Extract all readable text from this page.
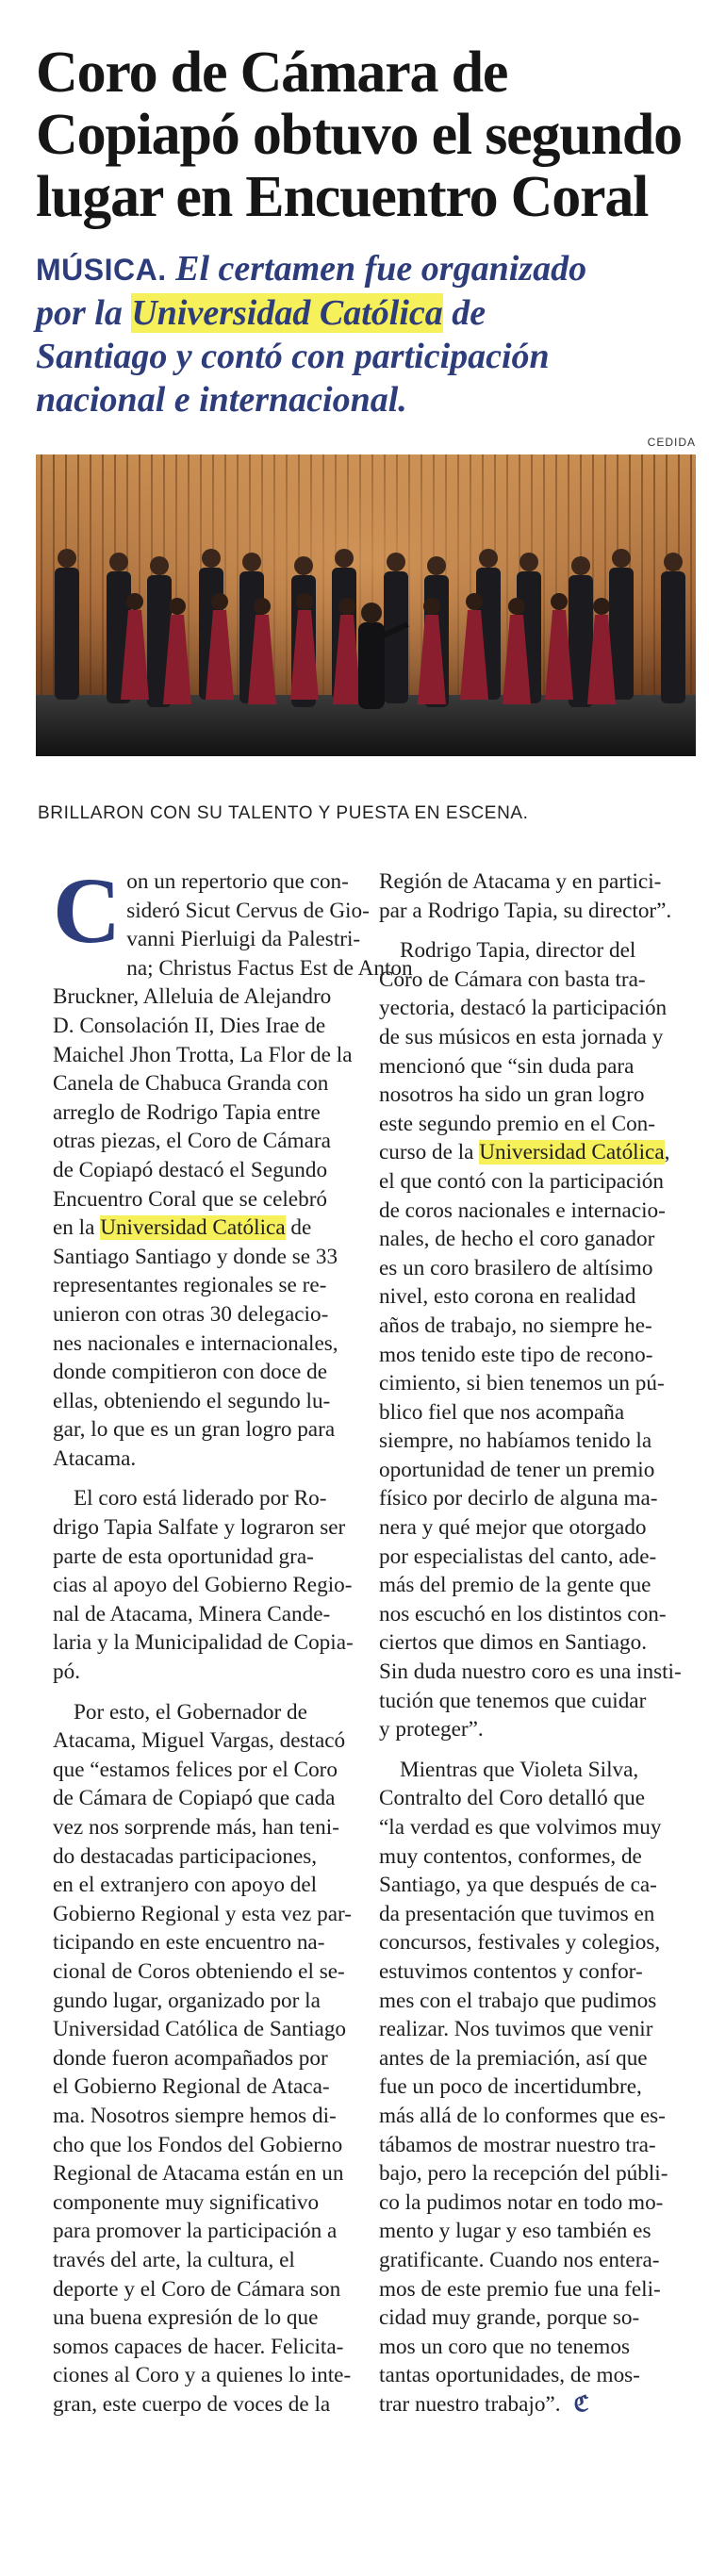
Coro de Cámara de
Copiapó obtuvo el segundo
lugar en Encuentro Coral
MÚSICA. El certamen fue organizado
por la Universidad Católica de
Santiago y contó con participación
nacional e internacional.
CEDIDA

BRILLARON CON SU TALENTO Y PUESTA EN ESCENA.

C on un repertorio que con-
sideró Sicut Cervus de Gio-
vanni Pierluigi da Palestri-
na; Christus Factus Est de Anton
Bruckner, Alleluia de Alejandro
D. Consolación II, Dies Irae de
Maichel Jhon Trotta, La Flor de la
Canela de Chabuca Granda con
arreglo de Rodrigo Tapia entre
otras piezas, el Coro de Cámara
de Copiapó destacó el Segundo
Encuentro Coral que se celebró
en la Universidad Católica de
Santiago Santiago y donde se 33
representantes regionales se re-
unieron con otras 30 delegacio-
nes nacionales e internacionales,
donde compitieron con doce de
ellas, obteniendo el segundo lu-
gar, lo que es un gran logro para
Atacama.

El coro está liderado por Ro-
drigo Tapia Salfate y lograron ser
parte de esta oportunidad gra-
cias al apoyo del Gobierno Regio-
nal de Atacama, Minera Cande-
laria y la Municipalidad de Copia-
pó.

Por esto, el Gobernador de
Atacama, Miguel Vargas, destacó
que “estamos felices por el Coro
de Cámara de Copiapó que cada
vez nos sorprende más, han teni-
do destacadas participaciones,
en el extranjero con apoyo del
Gobierno Regional y esta vez par-
ticipando en este encuentro na-
cional de Coros obteniendo el se-
gundo lugar, organizado por la
Universidad Católica de Santiago
donde fueron acompañados por
el Gobierno Regional de Ataca-
ma. Nosotros siempre hemos di-
cho que los Fondos del Gobierno
Regional de Atacama están en un
componente muy significativo
para promover la participación a
través del arte, la cultura, el
deporte y el Coro de Cámara son
una buena expresión de lo que
somos capaces de hacer. Felicita-
ciones al Coro y a quienes lo inte-
gran, este cuerpo de voces de la

Región de Atacama y en partici-
par a Rodrigo Tapia, su director”.

Rodrigo Tapia, director del
Coro de Cámara con basta tra-
yectoria, destacó la participación
de sus músicos en esta jornada y
mencionó que “sin duda para
nosotros ha sido un gran logro
este segundo premio en el Con-
curso de la Universidad Católica,
el que contó con la participación
de coros nacionales e internacio-
nales, de hecho el coro ganador
es un coro brasilero de altísimo
nivel, esto corona en realidad
años de trabajo, no siempre he-
mos tenido este tipo de recono-
cimiento, si bien tenemos un pú-
blico fiel que nos acompaña
siempre, no habíamos tenido la
oportunidad de tener un premio
físico por decirlo de alguna ma-
nera y qué mejor que otorgado
por especialistas del canto, ade-
más del premio de la gente que
nos escuchó en los distintos con-
ciertos que dimos en Santiago.
Sin duda nuestro coro es una insti-
tución que tenemos que cuidar
y proteger”.

Mientras que Violeta Silva,
Contralto del Coro detalló que
“la verdad es que volvimos muy
muy contentos, conformes, de
Santiago, ya que después de ca-
da presentación que tuvimos en
concursos, festivales y colegios,
estuvimos contentos y confor-
mes con el trabajo que pudimos
realizar. Nos tuvimos que venir
antes de la premiación, así que
fue un poco de incertidumbre,
más allá de lo conformes que es-
tábamos de mostrar nuestro tra-
bajo, pero la recepción del públi-
co la pudimos notar en todo mo-
mento y lugar y eso también es
gratificante. Cuando nos entera-
mos de este premio fue una feli-
cidad muy grande, porque so-
mos un coro que no tenemos
tantas oportunidades, de mos-
trar nuestro trabajo”. ℭ
